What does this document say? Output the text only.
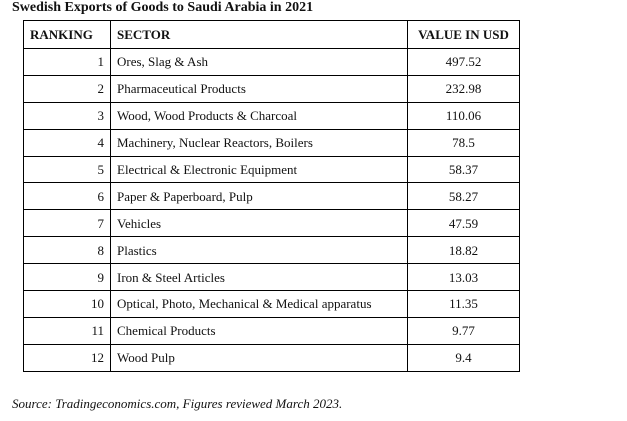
Swedish Exports of Goods to Saudi Arabia in 2021
RANKING	SECTOR	VALUE IN USD
1	Ores, Slag & Ash	497.52
2	Pharmaceutical Products	232.98
3	Wood, Wood Products & Charcoal	110.06
4	Machinery, Nuclear Reactors, Boilers	78.5
5	Electrical & Electronic Equipment	58.37
6	Paper & Paperboard, Pulp	58.27
7	Vehicles	47.59
8	Plastics	18.82
9	Iron & Steel Articles	13.03
10	Optical, Photo, Mechanical & Medical apparatus	11.35
11	Chemical Products	9.77
12	Wood Pulp	9.4
Source: Tradingeconomics.com, Figures reviewed March 2023.
